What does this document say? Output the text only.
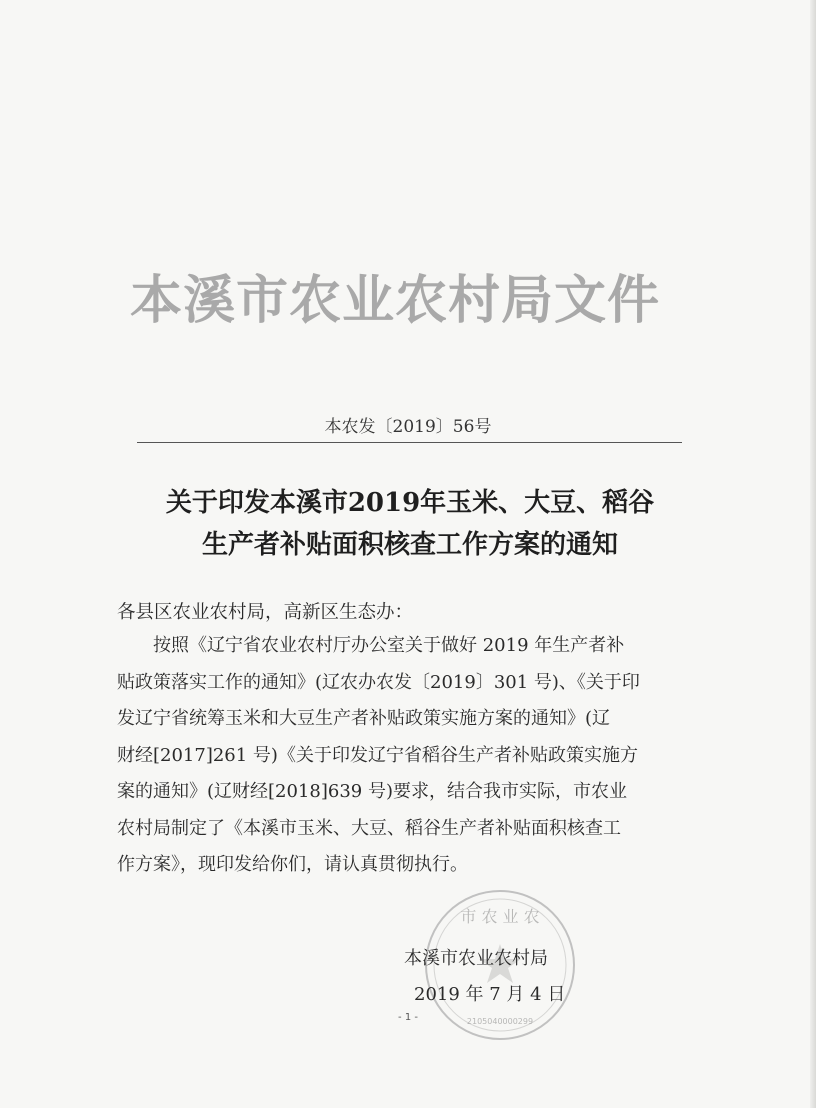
本溪市农业农村局文件
本农发〔2019〕56号
关于印发本溪市2019年玉米、大豆、稻谷
生产者补贴面积核查工作方案的通知
各县区农业农村局，高新区生态办：
按照《辽宁省农业农村厅办公室关于做好 2019 年生产者补
贴政策落实工作的通知》(辽农办农发〔2019〕301 号)、《关于印
发辽宁省统筹玉米和大豆生产者补贴政策实施方案的通知》(辽
财经[2017]261 号)《关于印发辽宁省稻谷生产者补贴政策实施方
案的通知》(辽财经[2018]639 号)要求，结合我市实际，市农业
农村局制定了《本溪市玉米、大豆、稻谷生产者补贴面积核查工
作方案》，现印发给你们，请认真贯彻执行。
市 农 业 农
2105040000299
本溪市农业农村局
2019 年 7 月 4 日
- 1 -
